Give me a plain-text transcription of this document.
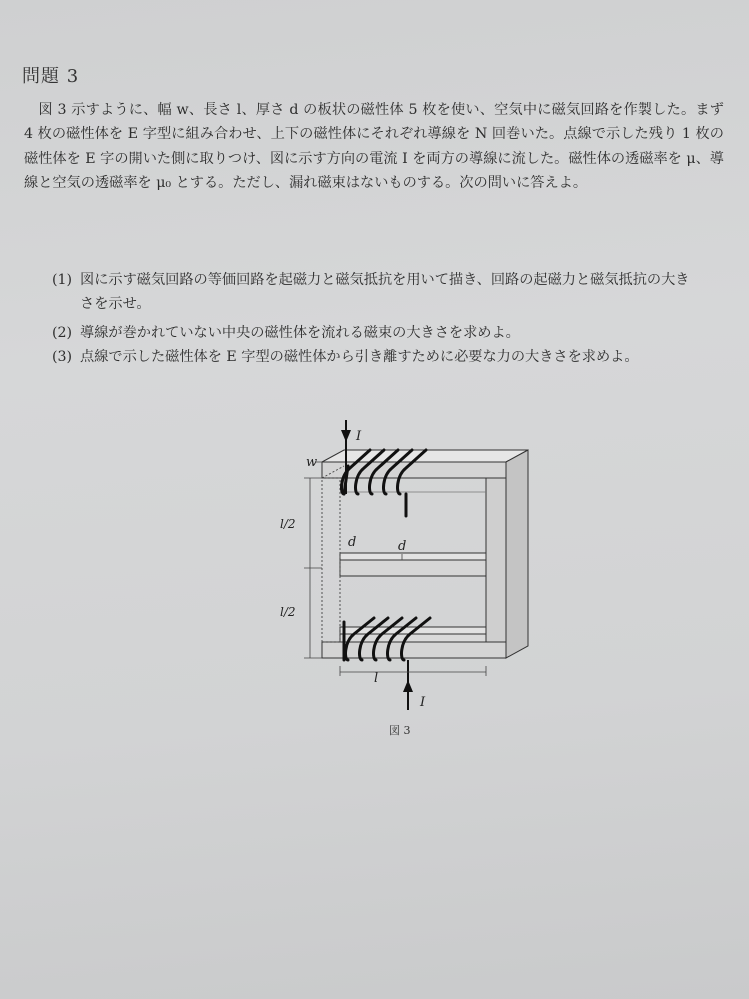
問題 3
　図 3 示すように、幅 w、長さ l、厚さ d の板状の磁性体 5 枚を使い、空気中に磁気回路を作製した。まず 4 枚の磁性体を E 字型に組み合わせ、上下の磁性体にそれぞれ導線を N 回巻いた。点線で示した残り 1 枚の磁性体を E 字の開いた側に取りつけ、図に示す方向の電流 I を両方の導線に流した。磁性体の透磁率を μ、導線と空気の透磁率を μ₀ とする。ただし、漏れ磁束はないものする。次の問いに答えよ。
(1) 図に示す磁気回路の等価回路を起磁力と磁気抵抗を用いて描き、回路の起磁力と磁気抵抗の大き
さを示せ。
(2) 導線が巻かれていない中央の磁性体を流れる磁束の大きさを求めよ。
(3) 点線で示した磁性体を E 字型の磁性体から引き離すために必要な力の大きさを求めよ。
I
I
w
l/2
l/2
d	d
l
図 3
